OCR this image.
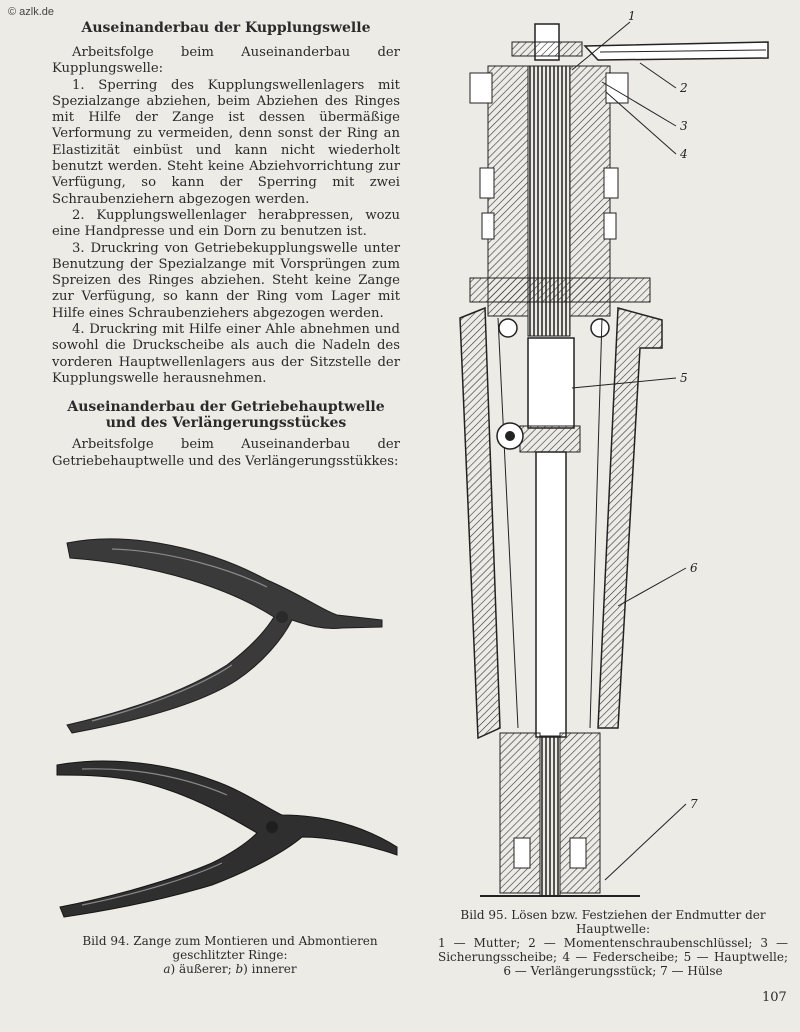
© azlk.de
Auseinanderbau der Kupplungswelle

Arbeitsfolge beim Auseinanderbau der Kupplungswelle:

1. Sperring des Kupplungswellenlagers mit Spezialzange abziehen, beim Abziehen des Ringes mit Hilfe der Zange ist dessen übermäßige Verformung zu vermeiden, denn sonst der Ring an Elastizität einbüst und kann nicht wiederholt benutzt werden. Steht keine Abziehvorrichtung zur Verfügung, so kann der Sperring mit zwei Schraubenziehern abgezogen werden.

2. Kupplungswellenlager herabpressen, wozu eine Handpresse und ein Dorn zu benutzen ist.

3. Druckring von Getriebekupplungswelle unter Benutzung der Spezialzange mit Vorsprüngen zum Spreizen des Ringes abziehen. Steht keine Zange zur Verfügung, so kann der Ring vom Lager mit Hilfe eines Schraubenziehers abgezogen werden.

4. Druckring mit Hilfe einer Ahle abnehmen und sowohl die Druckscheibe als auch die Nadeln des vorderen Hauptwellenlagers aus der Sitzstelle der Kupplungswelle herausnehmen.

Auseinanderbau der Getriebehauptwelle
und des Verlängerungsstückes

Arbeitsfolge beim Auseinanderbau der Getriebehauptwelle und des Verlängerungsstükkes:

Bild 94. Zange zum Montieren und Abmontieren
geschlitzter Ringe:
a) äußerer; b) innerer
1
2
3
4
5
6
7
Bild 95. Lösen bzw. Festziehen der Endmutter der Hauptwelle:
1 — Mutter; 2 — Momentenschraubenschlüssel; 3 — Sicherungsscheibe; 4 — Federscheibe; 5 — Hauptwelle; 6 — Verlängerungsstück; 7 — Hülse
107
